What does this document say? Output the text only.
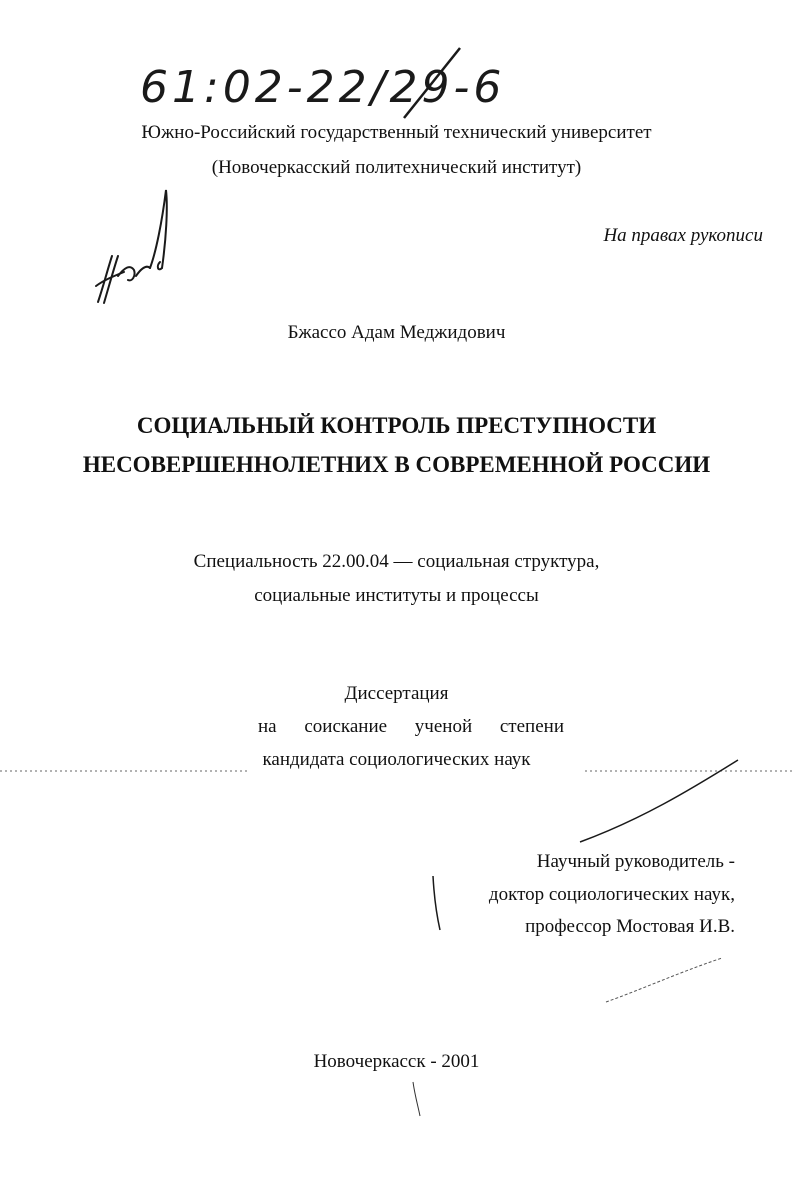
61:02-22/29-6
Южно-Российский государственный технический университет
(Новочеркасский политехнический институт)
На правах рукописи
Бжассо Адам Меджидович
СОЦИАЛЬНЫЙ КОНТРОЛЬ ПРЕСТУПНОСТИ
НЕСОВЕРШЕННОЛЕТНИХ В СОВРЕМЕННОЙ РОССИИ
Специальность 22.00.04 — социальная структура,
социальные институты и процессы
Диссертация
на соискание ученой степени
кандидата социологических наук
Научный руководитель -
доктор социологических наук,
профессор Мостовая И.В.
Новочеркасск - 2001
